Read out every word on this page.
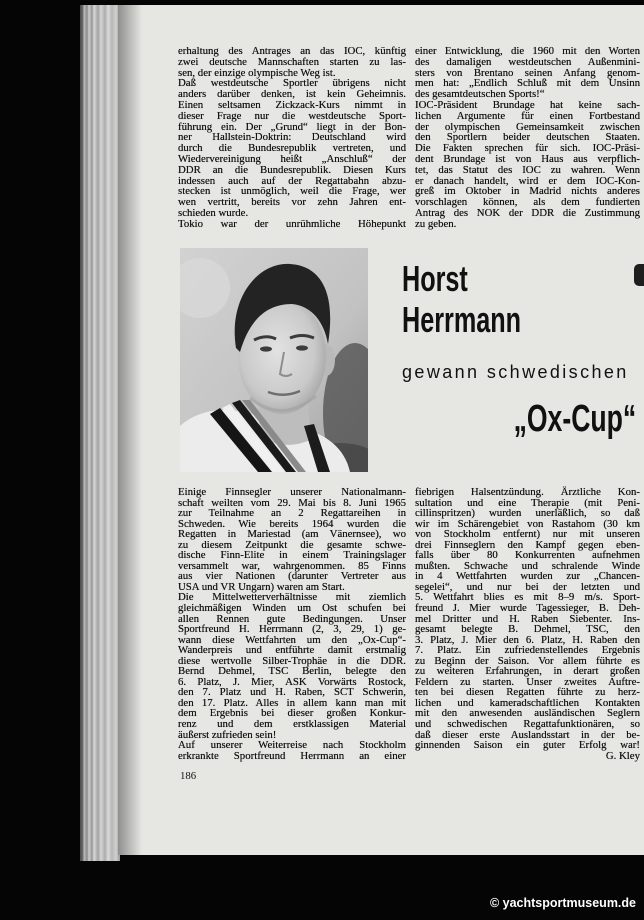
erhaltung des Antrages an das IOC, künftig
zwei deutsche Mannschaften starten zu las-
sen, der einzige olympische Weg ist.
Daß westdeutsche Sportler übrigens nicht
anders darüber denken, ist kein Geheimnis.
Einen seltsamen Zickzack-Kurs nimmt in
dieser Frage nur die westdeutsche Sport-
führung ein. Der „Grund“ liegt in der Bon-
ner Hallstein-Doktrin: Deutschland wird
durch die Bundesrepublik vertreten, und
Wiedervereinigung heißt „Anschluß“ der
DDR an die Bundesrepublik. Diesen Kurs
indessen auch auf der Regattabahn abzu-
stecken ist unmöglich, weil die Frage, wer
wen vertritt, bereits vor zehn Jahren ent-
schieden wurde.
Tokio war der unrühmliche Höhepunkt
einer Entwicklung, die 1960 mit den Worten
des damaligen westdeutschen Außenmini-
sters von Brentano seinen Anfang genom-
men hat: „Endlich Schluß mit dem Unsinn
des gesamtdeutschen Sports!“
IOC-Präsident Brundage hat keine sach-
lichen Argumente für einen Fortbestand
der olympischen Gemeinsamkeit zwischen
den Sportlern beider deutschen Staaten.
Die Fakten sprechen für sich. IOC-Präsi-
dent Brundage ist von Haus aus verpflich-
tet, das Statut des IOC zu wahren. Wenn
er danach handelt, wird er dem IOC-Kon-
greß im Oktober in Madrid nichts anderes
vorschlagen können, als dem fundierten
Antrag des NOK der DDR die Zustimmung
zu geben.
Horst
Herrmann
gewann schwedischen
„Ox-Cup“
Einige Finnsegler unserer Nationalmann-
schaft weilten vom 29. Mai bis 8. Juni 1965
zur Teilnahme an 2 Regattareihen in
Schweden. Wie bereits 1964 wurden die
Regatten in Mariestad (am Vänernsee), wo
zu diesem Zeitpunkt die gesamte schwe-
dische Finn-Elite in einem Trainingslager
versammelt war, wahrgenommen. 85 Finns
aus vier Nationen (darunter Vertreter aus
USA und VR Ungarn) waren am Start.
Die Mittelwetterverhältnisse mit ziemlich
gleichmäßigen Winden um Ost schufen bei
allen Rennen gute Bedingungen. Unser
Sportfreund H. Herrmann (2, 3, 29, 1) ge-
wann diese Wettfahrten um den „Ox-Cup“-
Wanderpreis und entführte damit erstmalig
diese wertvolle Silber-Trophäe in die DDR.
Bernd Dehmel, TSC Berlin, belegte den
6. Platz, J. Mier, ASK Vorwärts Rostock,
den 7. Platz und H. Raben, SCT Schwerin,
den 17. Platz. Alles in allem kann man mit
dem Ergebnis bei dieser großen Konkur-
renz und dem erstklassigen Material
äußerst zufrieden sein!
Auf unserer Weiterreise nach Stockholm
erkrankte Sportfreund Herrmann an einer
fiebrigen Halsentzündung. Ärztliche Kon-
sultation und eine Therapie (mit Peni-
cillinspritzen) wurden unerläßlich, so daß
wir im Schärengebiet von Rastahom (30 km
von Stockholm entfernt) nur mit unseren
drei Finnseglern den Kampf gegen eben-
falls über 80 Konkurrenten aufnehmen
mußten. Schwache und schralende Winde
in 4 Wettfahrten wurden zur „Chancen-
segelei“, und nur bei der letzten und
5. Wettfahrt blies es mit 8–9 m/s. Sport-
freund J. Mier wurde Tagessieger, B. Deh-
mel Dritter und H. Raben Siebenter. Ins-
gesamt belegte B. Dehmel, TSC, den
3. Platz, J. Mier den 6. Platz, H. Raben den
7. Platz. Ein zufriedenstellendes Ergebnis
zu Beginn der Saison. Vor allem führte es
zu weiteren Erfahrungen, in derart großen
Feldern zu starten. Unser zweites Auftre-
ten bei diesen Regatten führte zu herz-
lichen und kameradschaftlichen Kontakten
mit den anwesenden ausländischen Seglern
und schwedischen Regattafunktionären, so
daß dieser erste Auslandsstart in der be-
ginnenden Saison ein guter Erfolg war!
G. Kley
186
© yachtsportmuseum.de
